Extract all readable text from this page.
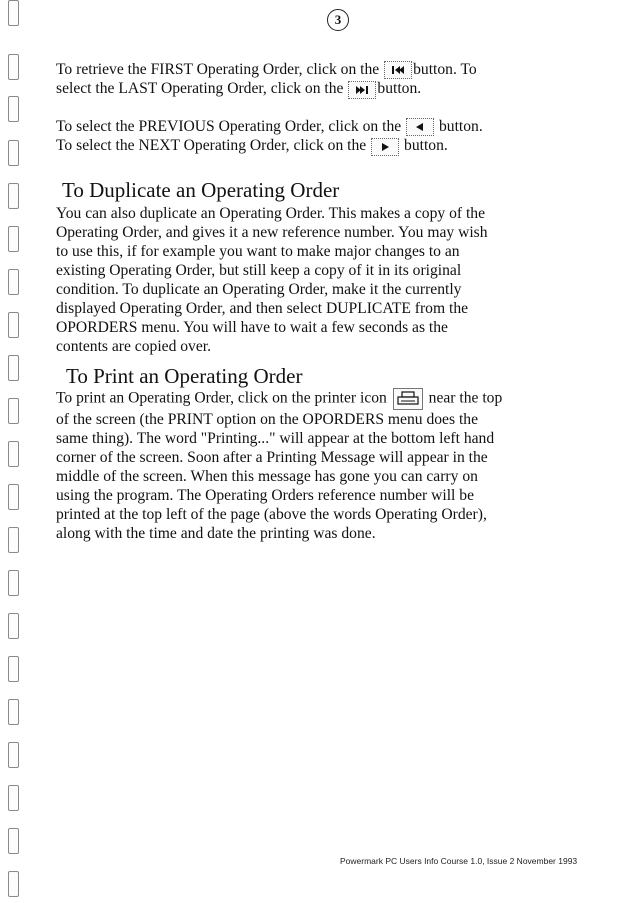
3
To retrieve the FIRST Operating Order, click on the button. To
select the LAST Operating Order, click on the button.
To select the PREVIOUS Operating Order, click on the button.
To select the NEXT Operating Order, click on the button.
To Duplicate an Operating Order
You can also duplicate an Operating Order. This makes a copy of the
Operating Order, and gives it a new reference number. You may wish
to use this, if for example you want to make major changes to an
existing Operating Order, but still keep a copy of it in its original
condition. To duplicate an Operating Order, make it the currently
displayed Operating Order, and then select DUPLICATE from the
OPORDERS menu. You will have to wait a few seconds as the
contents are copied over.
To Print an Operating Order
To print an Operating Order, click on the printer icon	near the top
of the screen (the PRINT option on the OPORDERS menu does the
same thing). The word "Printing..." will appear at the bottom left hand
corner of the screen. Soon after a Printing Message will appear in the
middle of the screen. When this message has gone you can carry on
using the program. The Operating Orders reference number will be
printed at the top left of the page (above the words Operating Order),
along with the time and date the printing was done.
Powermark PC Users Info Course 1.0, Issue 2 November 1993
